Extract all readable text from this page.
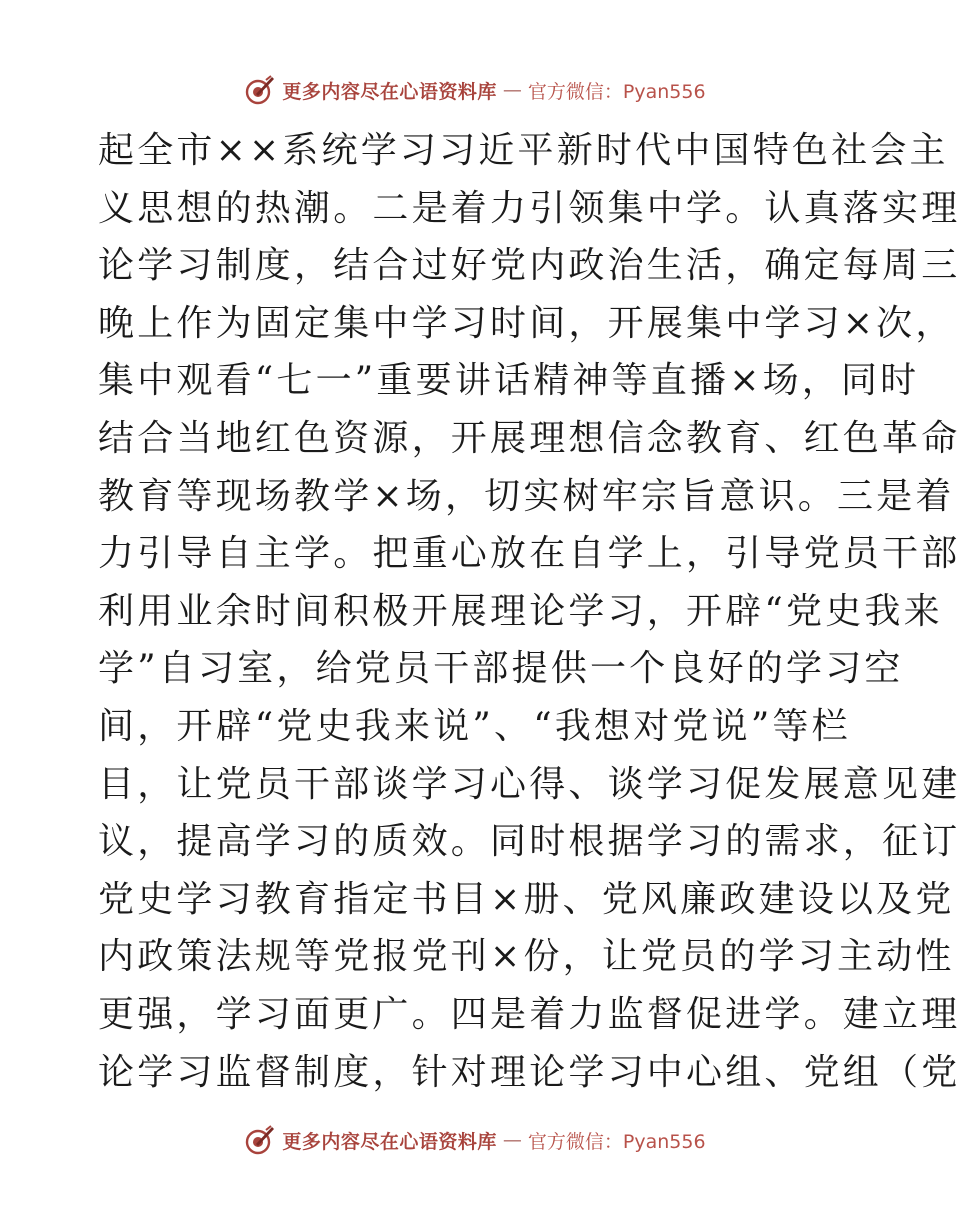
更多内容尽在心语资料库 — 官方微信：Pyan556
起全市××系统学习习近平新时代中国特色社会主
义思想的热潮。二是着力引领集中学。认真落实理
论学习制度，结合过好党内政治生活，确定每周三
晚上作为固定集中学习时间，开展集中学习×次，
集中观看“七一”重要讲话精神等直播×场，同时
结合当地红色资源，开展理想信念教育、红色革命
教育等现场教学×场，切实树牢宗旨意识。三是着
力引导自主学。把重心放在自学上，引导党员干部
利用业余时间积极开展理论学习，开辟“党史我来
学”自习室，给党员干部提供一个良好的学习空
间，开辟“党史我来说”、“我想对党说”等栏
目，让党员干部谈学习心得、谈学习促发展意见建
议，提高学习的质效。同时根据学习的需求，征订
党史学习教育指定书目×册、党风廉政建设以及党
内政策法规等党报党刊×份，让党员的学习主动性
更强，学习面更广。四是着力监督促进学。建立理
论学习监督制度，针对理论学习中心组、党组（党
更多内容尽在心语资料库 — 官方微信：Pyan556
